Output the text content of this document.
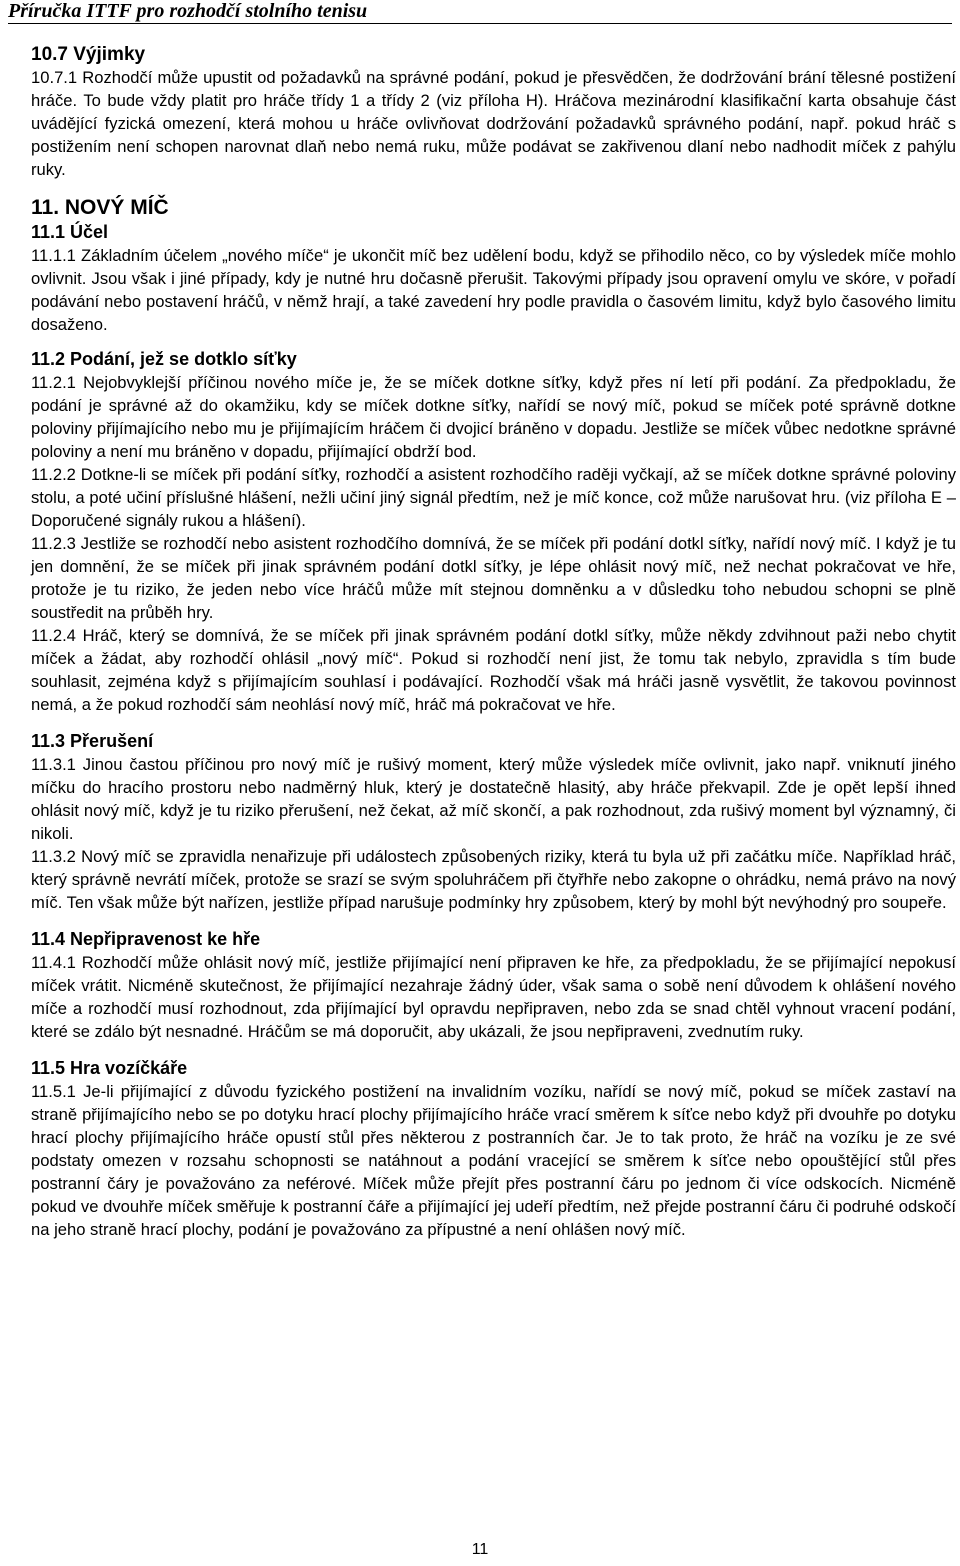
Příručka ITTF pro rozhodčí stolního tenisu
10.7 Výjimky

10.7.1 Rozhodčí může upustit od požadavků na správné podání, pokud je přesvědčen, že dodržování brání tělesné postižení hráče. To bude vždy platit pro hráče třídy 1 a třídy 2 (viz příloha H). Hráčova mezinárodní klasifikační karta obsahuje část uvádějící fyzická omezení, která mohou u hráče ovlivňovat dodržování požadavků správného podání, např. pokud hráč s postižením není schopen narovnat dlaň nebo nemá ruku, může podávat se zakřivenou dlaní nebo nadhodit míček z pahýlu ruky.

11. NOVÝ MÍČ
11.1 Účel

11.1.1 Základním účelem „nového míče“ je ukončit míč bez udělení bodu, když se přihodilo něco, co by výsledek míče mohlo ovlivnit. Jsou však i jiné případy, kdy je nutné hru dočasně přerušit. Takovými případy jsou opravení omylu ve skóre, v pořadí podávání nebo postavení hráčů, v němž hrají, a také zavedení hry podle pravidla o časovém limitu, když bylo časového limitu dosaženo.

11.2 Podání, jež se dotklo síťky

11.2.1 Nejobvyklejší příčinou nového míče je, že se míček dotkne síťky, když přes ní letí při podání. Za předpokladu, že podání je správné až do okamžiku, kdy se míček dotkne síťky, nařídí se nový míč, pokud se míček poté správně dotkne poloviny přijímajícího nebo mu je přijímajícím hráčem či dvojicí bráněno v dopadu. Jestliže se míček vůbec nedotkne správné poloviny a není mu bráněno v dopadu, přijímající obdrží bod.

11.2.2 Dotkne-li se míček při podání síťky, rozhodčí a asistent rozhodčího raději vyčkají, až se míček dotkne správné poloviny stolu, a poté učiní příslušné hlášení, nežli učiní jiný signál předtím, než je míč konce, což může narušovat hru. (viz příloha E – Doporučené signály rukou a hlášení).

11.2.3 Jestliže se rozhodčí nebo asistent rozhodčího domnívá, že se míček při podání dotkl síťky, nařídí nový míč. I když je tu jen domnění, že se míček při jinak správném podání dotkl síťky, je lépe ohlásit nový míč, než nechat pokračovat ve hře, protože je tu riziko, že jeden nebo více hráčů může mít stejnou domněnku a v důsledku toho nebudou schopni se plně soustředit na průběh hry.

11.2.4 Hráč, který se domnívá, že se míček při jinak správném podání dotkl síťky, může někdy zdvihnout paži nebo chytit míček a žádat, aby rozhodčí ohlásil „nový míč“. Pokud si rozhodčí není jist, že tomu tak nebylo, zpravidla s tím bude souhlasit, zejména když s přijímajícím souhlasí i podávající. Rozhodčí však má hráči jasně vysvětlit, že takovou povinnost nemá, a že pokud rozhodčí sám neohlásí nový míč, hráč má pokračovat ve hře.

11.3 Přerušení

11.3.1 Jinou častou příčinou pro nový míč je rušivý moment, který může výsledek míče ovlivnit, jako např. vniknutí jiného míčku do hracího prostoru nebo nadměrný hluk, který je dostatečně hlasitý, aby hráče překvapil. Zde je opět lepší ihned ohlásit nový míč, když je tu riziko přerušení, než čekat, až míč skončí, a pak rozhodnout, zda rušivý moment byl významný, či nikoli.

11.3.2 Nový míč se zpravidla nenařizuje při událostech způsobených riziky, která tu byla už při začátku míče. Například hráč, který správně nevrátí míček, protože se srazí se svým spoluhráčem při čtyřhře nebo zakopne o ohrádku, nemá právo na nový míč. Ten však může být nařízen, jestliže případ narušuje podmínky hry způsobem, který by mohl být nevýhodný pro soupeře.

11.4 Nepřipravenost ke hře

11.4.1 Rozhodčí může ohlásit nový míč, jestliže přijímající není připraven ke hře, za předpokladu, že se přijímající nepokusí míček vrátit. Nicméně skutečnost, že přijímající nezahraje žádný úder, však sama o sobě není důvodem k ohlášení nového míče a rozhodčí musí rozhodnout, zda přijímající byl opravdu nepřipraven, nebo zda se snad chtěl vyhnout vracení podání, které se zdálo být nesnadné. Hráčům se má doporučit, aby ukázali, že jsou nepřipraveni, zvednutím ruky.

11.5 Hra vozíčkáře

11.5.1 Je-li přijímající z důvodu fyzického postižení na invalidním vozíku, nařídí se nový míč, pokud se míček zastaví na straně přijímajícího nebo se po dotyku hrací plochy přijímajícího hráče vrací směrem k síťce nebo když při dvouhře po dotyku hrací plochy přijímajícího hráče opustí stůl přes některou z postranních čar. Je to tak proto, že hráč na vozíku je ze své podstaty omezen v rozsahu schopnosti se natáhnout a podání vracející se směrem k síťce nebo opouštějící stůl přes postranní čáry je považováno za neférové. Míček může přejít přes postranní čáru po jednom či více odskocích. Nicméně pokud ve dvouhře míček směřuje k postranní čáře a přijímající jej udeří předtím, než přejde postranní čáru či podruhé odskočí na jeho straně hrací plochy, podání je považováno za přípustné a není ohlášen nový míč.

11
